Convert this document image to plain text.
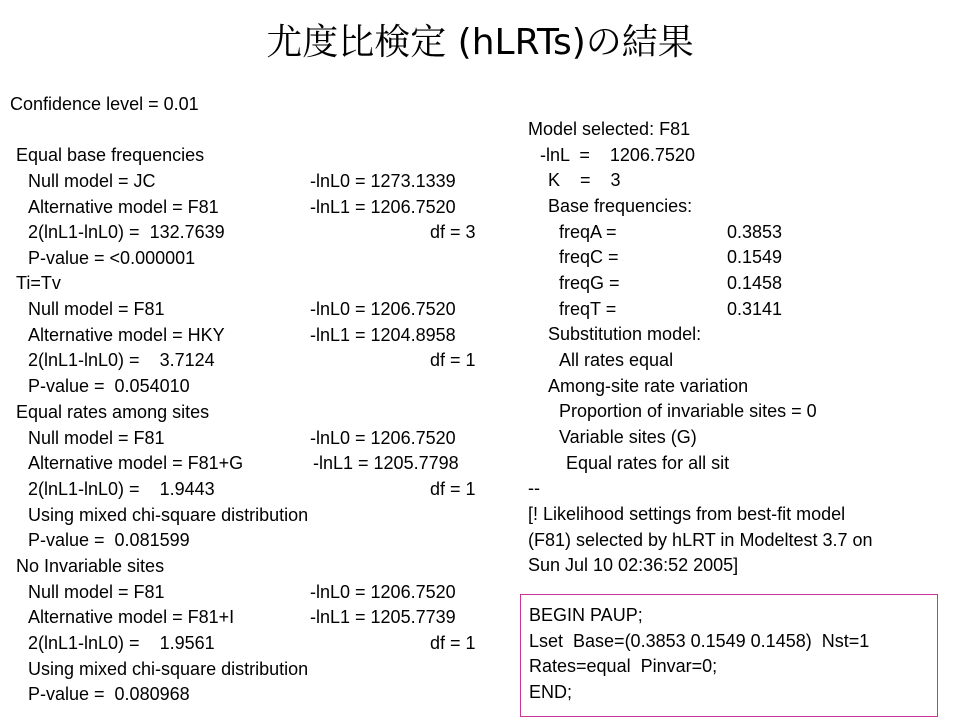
尤度比検定 (hLRTs)の結果
Confidence level = 0.01
Equal base frequencies
Null model = JC	-lnL0 = 1273.1339
Alternative model = F81	-lnL1 = 1206.7520
2(lnL1-lnL0) =  132.7639	df = 3
P-value = <0.000001
Ti=Tv
Null model = F81	-lnL0 = 1206.7520
Alternative model = HKY	-lnL1 = 1204.8958
2(lnL1-lnL0) =    3.7124	df = 1
P-value =  0.054010
Equal rates among sites
Null model = F81	-lnL0 = 1206.7520
Alternative model = F81+G	-lnL1 = 1205.7798
2(lnL1-lnL0) =    1.9443	df = 1
Using mixed chi-square distribution
P-value =  0.081599
No Invariable sites
Null model = F81	-lnL0 = 1206.7520
Alternative model = F81+I	-lnL1 = 1205.7739
2(lnL1-lnL0) =    1.9561	df = 1
Using mixed chi-square distribution
P-value =  0.080968
Model selected: F81
-lnL  =    1206.7520
K    =    3
Base frequencies:
freqA =	0.3853
freqC =	0.1549
freqG =	0.1458
freqT =	0.3141
Substitution model:
All rates equal
Among-site rate variation
Proportion of invariable sites = 0
Variable sites (G)
Equal rates for all sit
--
[! Likelihood settings from best-fit model
(F81) selected by hLRT in Modeltest 3.7 on
Sun Jul 10 02:36:52 2005]
BEGIN PAUP;
Lset  Base=(0.3853 0.1549 0.1458)  Nst=1
Rates=equal  Pinvar=0;
END;
